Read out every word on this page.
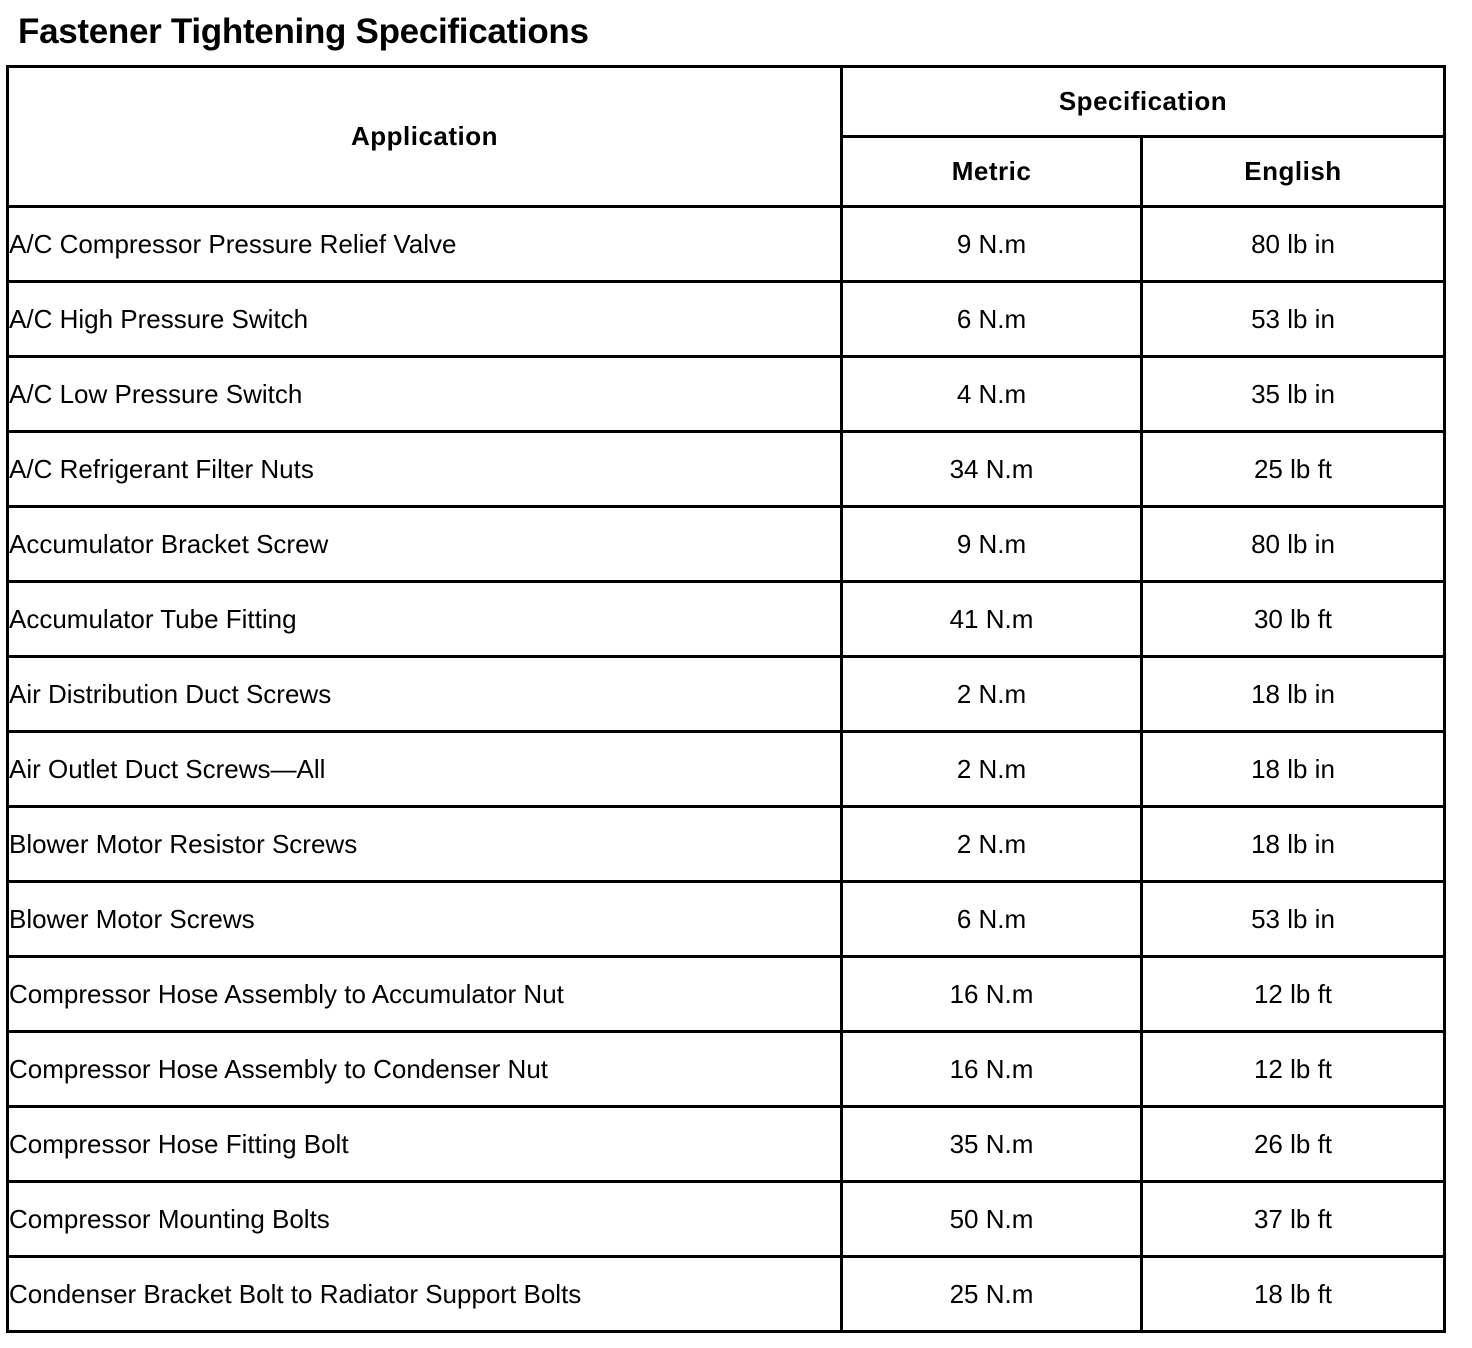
Fastener Tightening Specifications
Application	Specification	
	Metric	English
A/C Compressor Pressure Relief Valve	9 N.m	80 lb in
A/C High Pressure Switch	6 N.m	53 lb in
A/C Low Pressure Switch	4 N.m	35 lb in
A/C Refrigerant Filter Nuts	34 N.m	25 lb ft
Accumulator Bracket Screw	9 N.m	80 lb in
Accumulator Tube Fitting	41 N.m	30 lb ft
Air Distribution Duct Screws	2 N.m	18 lb in
Air Outlet Duct Screws—All	2 N.m	18 lb in
Blower Motor Resistor Screws	2 N.m	18 lb in
Blower Motor Screws	6 N.m	53 lb in
Compressor Hose Assembly to Accumulator Nut	16 N.m	12 lb ft
Compressor Hose Assembly to Condenser Nut	16 N.m	12 lb ft
Compressor Hose Fitting Bolt	35 N.m	26 lb ft
Compressor Mounting Bolts	50 N.m	37 lb ft
Condenser Bracket Bolt to Radiator Support Bolts	25 N.m	18 lb ft
